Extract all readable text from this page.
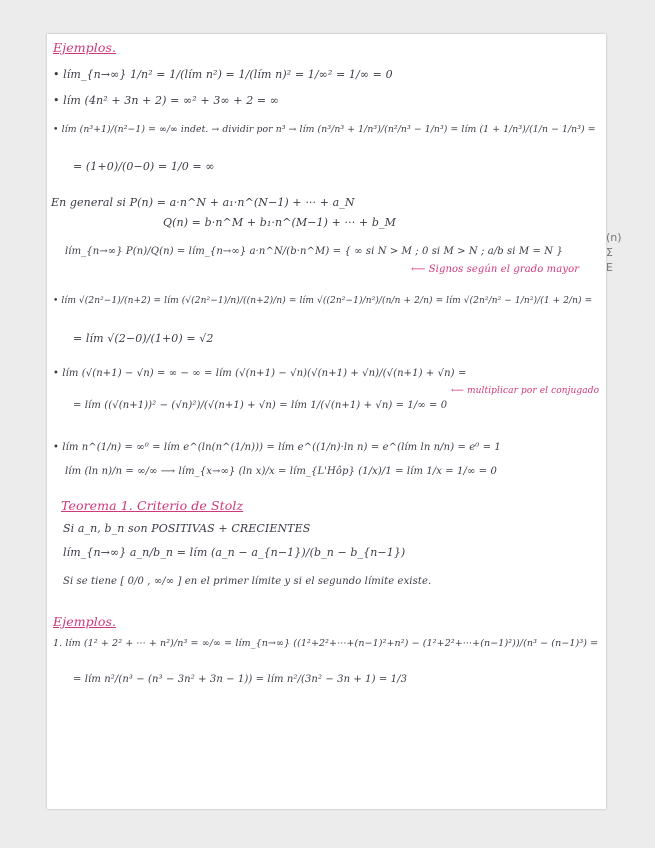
Ejemplos.
• lím_{n→∞} 1/n² = 1/(lím n²) = 1/(lím n)² = 1/∞² = 1/∞ = 0
• lím (4n² + 3n + 2) = ∞² + 3∞ + 2 = ∞
• lím (n³+1)/(n²−1) = ∞/∞ indet. → dividir por n³ → lím (n³/n³ + 1/n³)/(n²/n³ − 1/n³) = lím (1 + 1/n³)/(1/n − 1/n³) =
= (1+0)/(0−0) = 1/0 = ∞
En general si P(n) = a·n^N + a₁·n^(N−1) + ··· + a_N
Q(n) = b·n^M + b₁·n^(M−1) + ··· + b_M
lím_{n→∞} P(n)/Q(n) = lím_{n→∞} a·n^N/(b·n^M) = { ∞ si N > M ; 0 si M > N ; a/b si M = N }
⟵ Signos según el grado mayor
• lím √(2n²−1)/(n+2) = lím (√(2n²−1)/n)/((n+2)/n) = lím √((2n²−1)/n²)/(n/n + 2/n) = lím √(2n²/n² − 1/n²)/(1 + 2/n) =
= lím √(2−0)/(1+0) = √2
• lím (√(n+1) − √n) = ∞ − ∞ = lím (√(n+1) − √n)(√(n+1) + √n)/(√(n+1) + √n) =
= lím ((√(n+1))² − (√n)²)/(√(n+1) + √n) = lím 1/(√(n+1) + √n) = 1/∞ = 0
⟵ multiplicar por el conjugado
• lím n^(1/n) = ∞⁰ = lím e^(ln(n^(1/n))) = lím e^((1/n)·ln n) = e^(lím ln n/n) = e⁰ = 1
lím (ln n)/n = ∞/∞ ⟶ lím_{x→∞} (ln x)/x = lím_{L'Hôp} (1/x)/1 = lím 1/x = 1/∞ = 0
Teorema 1. Criterio de Stolz
Si a_n, b_n son POSITIVAS + CRECIENTES
lím_{n→∞} a_n/b_n = lím (a_n − a_{n−1})/(b_n − b_{n−1})
Si se tiene [ 0/0 , ∞/∞ ] en el primer límite y si el segundo límite existe.
Ejemplos.
1. lím (1² + 2² + ··· + n²)/n³ = ∞/∞ = lím_{n→∞} ((1²+2²+···+(n−1)²+n²) − (1²+2²+···+(n−1)²))/(n³ − (n−1)³) =
= lím n²/(n³ − (n³ − 3n² + 3n − 1)) = lím n²/(3n² − 3n + 1) = 1/3
(n)
Σ
E
